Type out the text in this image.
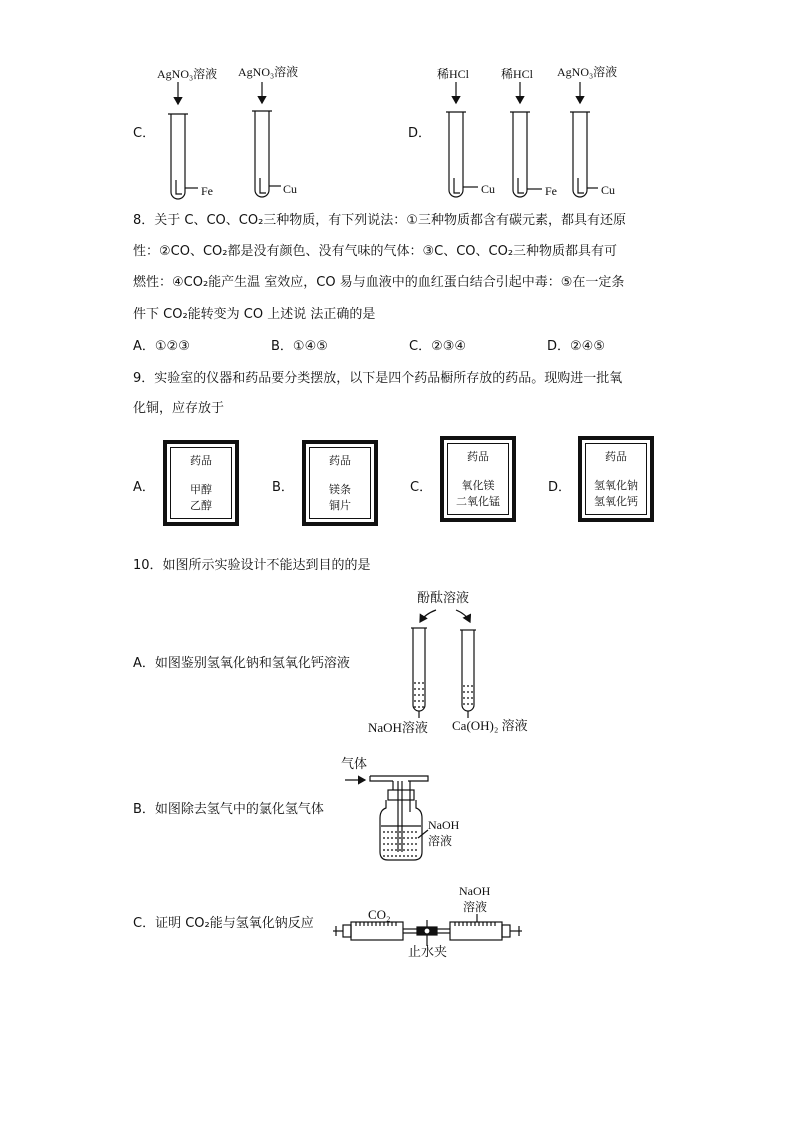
C．
AgNO₃溶液 AgNO₃溶液
Fe	Cu
D．
稀HCl	稀HCl AgNO₃溶液
Cu	Fe	Cu
8．关于 C、CO、CO₂三种物质，有下列说法：①三种物质都含有碳元素，都具有还原
性：②CO、CO₂都是没有颜色、没有气味的气体：③C、CO、CO₂三种物质都具有可
燃性：④CO₂能产生温 室效应，CO 易与血液中的血红蛋白结合引起中毒：⑤在一定条
件下 CO₂能转变为 CO 上述说 法正确的是
A．①②③	B．①④⑤	C．②③④	D．②④⑤
9．实验室的仪器和药品要分类摆放，以下是四个药品橱所存放的药品。现购进一批氧
化铜，应存放于
A．
药品
甲醇
乙醇
B．
药品
镁条
铜片
C．
药品
氧化镁
二氧化锰
D．
药品
氢氧化钠
氢氧化钙
10．如图所示实验设计不能达到目的的是
A．如图鉴别氢氧化钠和氢氧化钙溶液
酚酞溶液
NaOH溶液 Ca(OH)₂ 溶液
B．如图除去氢气中的氯化氢气体
气体
NaOH
溶液
C．证明 CO₂能与氢氧化钠反应
CO₂
NaOH
溶液
止水夹
